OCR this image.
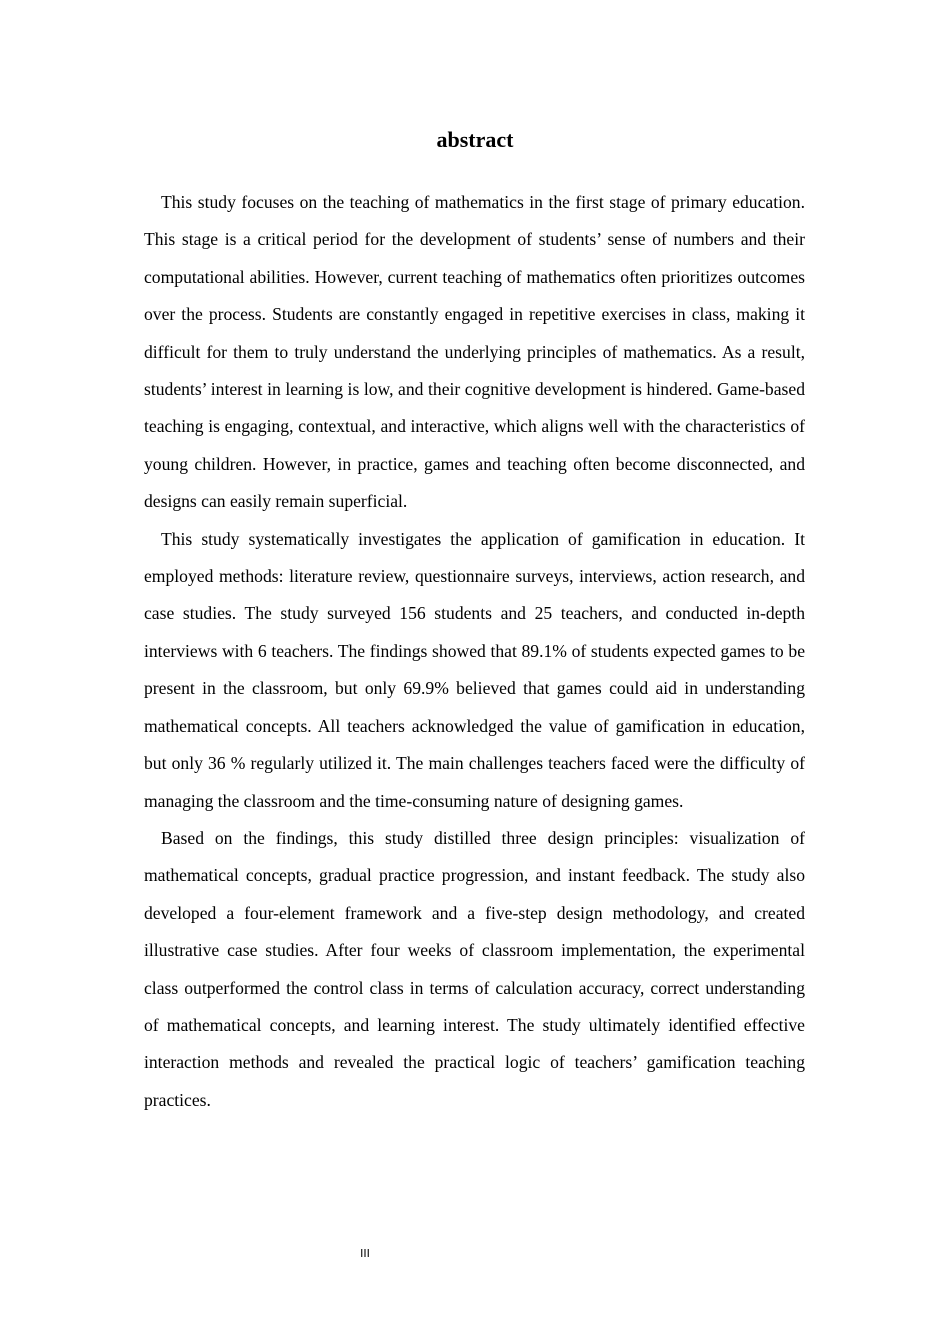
abstract

This study focuses on the teaching of mathematics in the first stage of primary education. This stage is a critical period for the development of students’ sense of numbers and their computational abilities. However, current teaching of mathematics often prioritizes outcomes over the process. Students are constantly engaged in repetitive exercises in class, making it difficult for them to truly understand the underlying principles of mathematics. As a result, students’ interest in learning is low, and their cognitive development is hindered. Game-based teaching is engaging, contextual, and interactive, which aligns well with the characteristics of young children. However, in practice, games and teaching often become disconnected, and designs can easily remain superficial.

This study systematically investigates the application of gamification in education. It employed methods: literature review, questionnaire surveys, interviews, action research, and case studies. The study surveyed 156 students and 25 teachers, and conducted in-depth interviews with 6 teachers. The findings showed that 89.1% of students expected games to be present in the classroom, but only 69.9% believed that games could aid in understanding mathematical concepts. All teachers acknowledged the value of gamification in education, but only 36 % regularly utilized it. The main challenges teachers faced were the difficulty of managing the classroom and the time-consuming nature of designing games.

Based on the findings, this study distilled three design principles: visualization of mathematical concepts, gradual practice progression, and instant feedback. The study also developed a four-element framework and a five-step design methodology, and created illustrative case studies. After four weeks of classroom implementation, the experimental class outperformed the control class in terms of calculation accuracy, correct understanding of mathematical concepts, and learning interest. The study ultimately identified effective interaction methods and revealed the practical logic of teachers’ gamification teaching practices.

III
